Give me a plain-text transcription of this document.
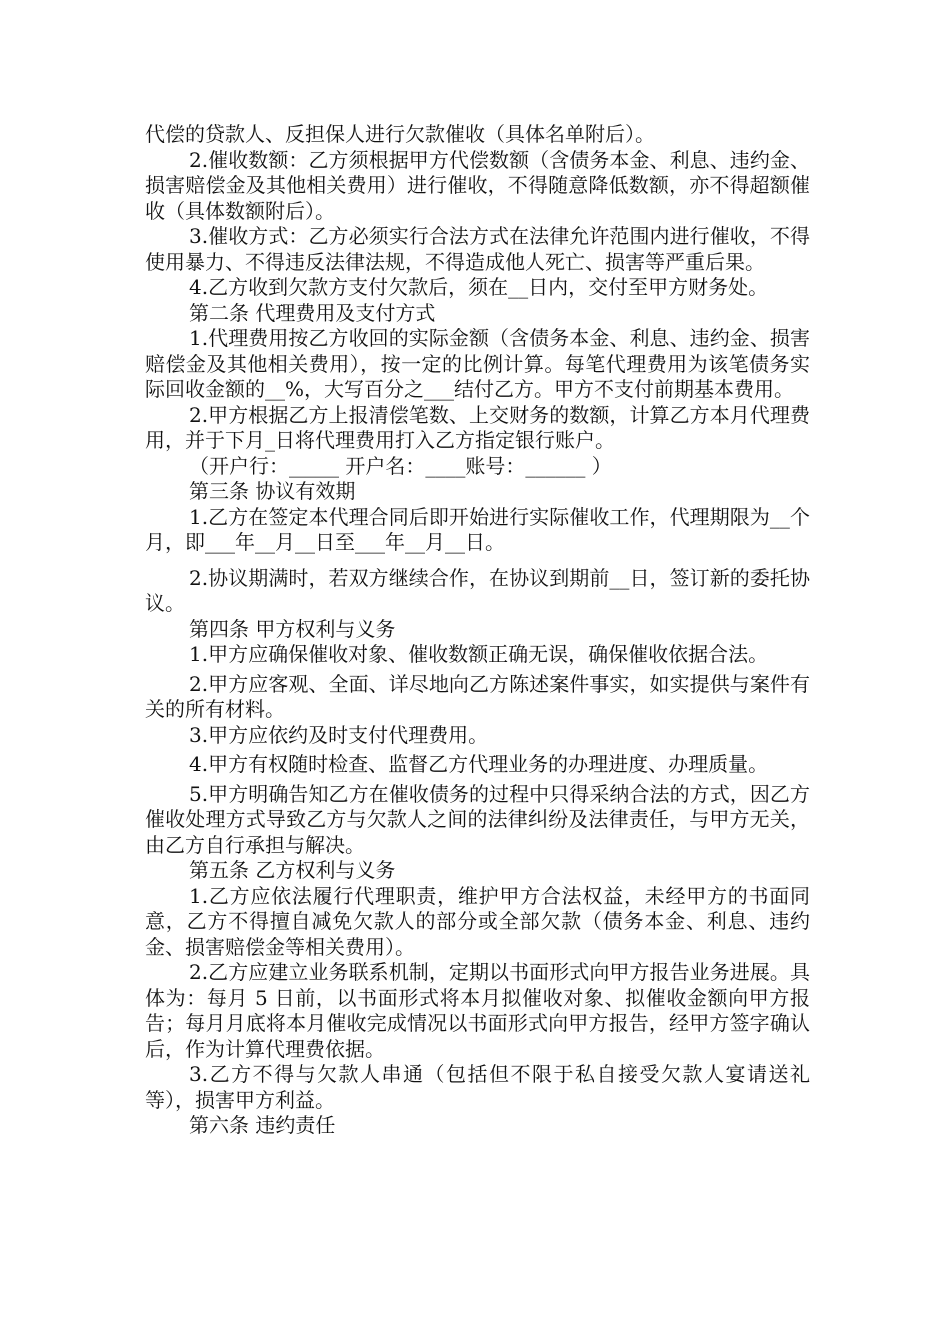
代偿的贷款人、反担保人进行欠款催收（具体名单附后）。

2.催收数额：乙方须根据甲方代偿数额（含债务本金、利息、违约金、损害赔偿金及其他相关费用）进行催收，不得随意降低数额，亦不得超额催收（具体数额附后）。

3.催收方式：乙方必须实行合法方式在法律允许范围内进行催收，不得使用暴力、不得违反法律法规，不得造成他人死亡、损害等严重后果。

4.乙方收到欠款方支付欠款后，须在__日内，交付至甲方财务处。

第二条 代理费用及支付方式

1.代理费用按乙方收回的实际金额（含债务本金、利息、违约金、损害赔偿金及其他相关费用），按一定的比例计算。每笔代理费用为该笔债务实际回收金额的__%，大写百分之___结付乙方。甲方不支付前期基本费用。

2.甲方根据乙方上报清偿笔数、上交财务的数额，计算乙方本月代理费用，并于下月_日将代理费用打入乙方指定银行账户。

（开户行：_____ 开户名：____账号：______ ）

第三条 协议有效期

1.乙方在签定本代理合同后即开始进行实际催收工作，代理期限为__个月，即___年__月__日至___年__月__日。

2.协议期满时，若双方继续合作，在协议到期前__日，签订新的委托协议。

第四条 甲方权利与义务

1.甲方应确保催收对象、催收数额正确无误，确保催收依据合法。

2.甲方应客观、全面、详尽地向乙方陈述案件事实，如实提供与案件有关的所有材料。

3.甲方应依约及时支付代理费用。

4.甲方有权随时检查、监督乙方代理业务的办理进度、办理质量。

5.甲方明确告知乙方在催收债务的过程中只得采纳合法的方式，因乙方催收处理方式导致乙方与欠款人之间的法律纠纷及法律责任，与甲方无关，由乙方自行承担与解决。

第五条 乙方权利与义务

1.乙方应依法履行代理职责，维护甲方合法权益，未经甲方的书面同意，乙方不得擅自减免欠款人的部分或全部欠款（债务本金、利息、违约金、损害赔偿金等相关费用）。

2.乙方应建立业务联系机制，定期以书面形式向甲方报告业务进展。具体为：每月 5 日前，以书面形式将本月拟催收对象、拟催收金额向甲方报告；每月月底将本月催收完成情况以书面形式向甲方报告，经甲方签字确认后，作为计算代理费依据。

3.乙方不得与欠款人串通（包括但不限于私自接受欠款人宴请送礼等），损害甲方利益。

第六条 违约责任
